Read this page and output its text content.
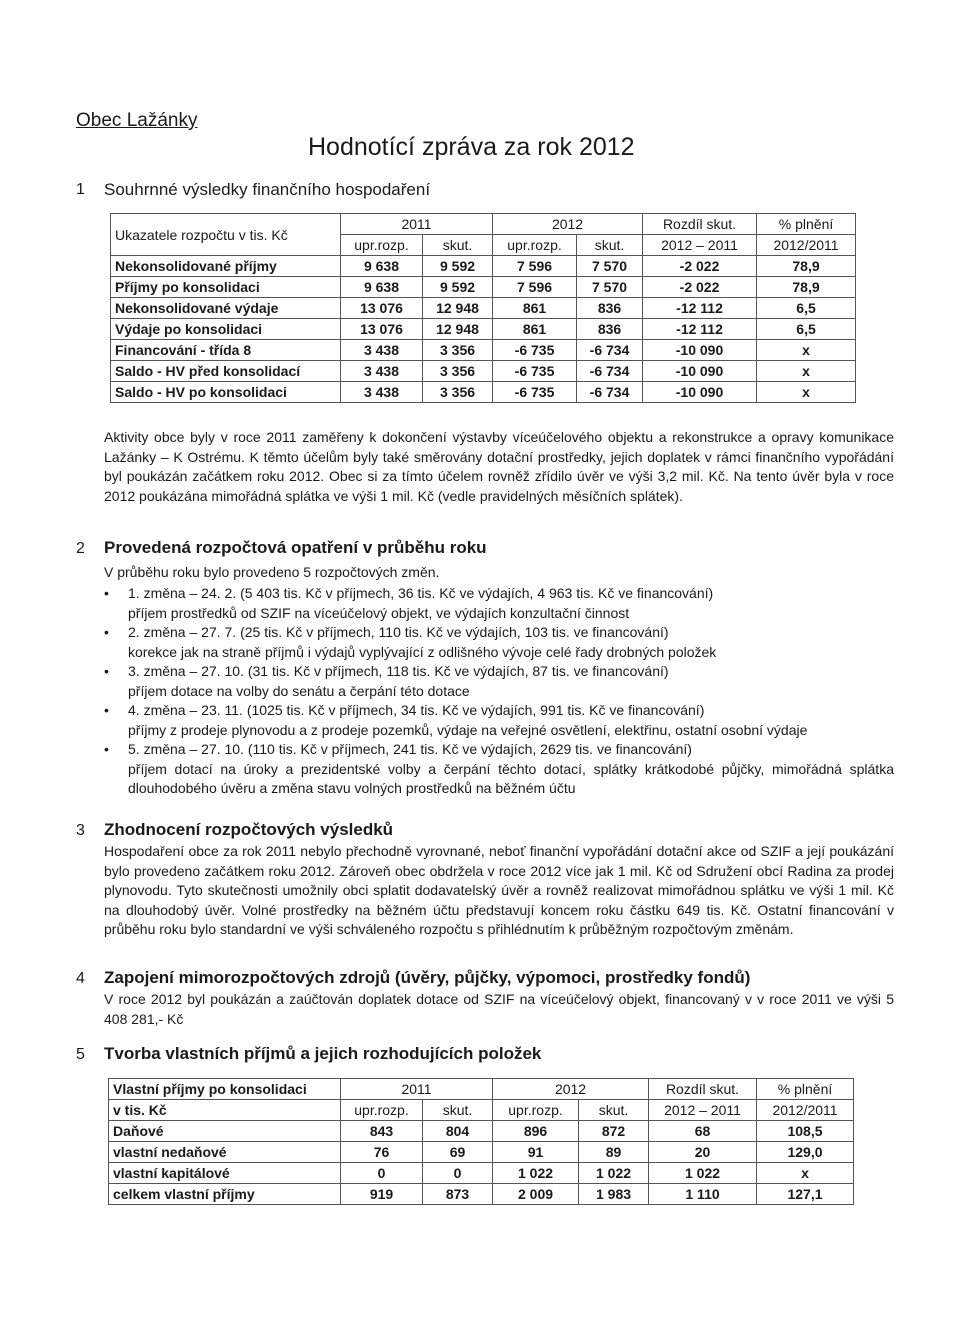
Obec Lažánky
Hodnotící zpráva za rok 2012
1 Souhrnné výsledky finančního hospodaření
Ukazatele rozpočtu v tis. Kč	2011		2012		Rozdíl skut.	% plnění
	upr.rozp.	skut.	upr.rozp.	skut.	2012 – 2011	2012/2011
Nekonsolidované příjmy	9 638	9 592	7 596	7 570	-2 022	78,9
Příjmy po konsolidaci	9 638	9 592	7 596	7 570	-2 022	78,9
Nekonsolidované výdaje	13 076	12 948	861	836	-12 112	6,5
Výdaje po konsolidaci	13 076	12 948	861	836	-12 112	6,5
Financování - třída 8	3 438	3 356	-6 735	-6 734	-10 090	x
Saldo - HV před konsolidací	3 438	3 356	-6 735	-6 734	-10 090	x
Saldo - HV po konsolidaci	3 438	3 356	-6 735	-6 734	-10 090	x
Aktivity obce byly v roce 2011 zaměřeny k dokončení výstavby víceúčelového objektu a rekonstrukce a opravy komunikace Lažánky – K Ostrému. K těmto účelům byly také směrovány dotační prostředky, jejich doplatek v rámci finančního vypořádání byl poukázán začátkem roku 2012. Obec si za tímto účelem rovněž zřídilo úvěr ve výši 3,2 mil. Kč. Na tento úvěr byla v roce 2012 poukázána mimořádná splátka ve výši 1 mil. Kč (vedle pravidelných měsíčních splátek).
2 Provedená rozpočtová opatření v průběhu roku
V průběhu roku bylo provedeno 5 rozpočtových změn.
• 1. změna – 24. 2. (5 403 tis. Kč v příjmech, 36 tis. Kč ve výdajích, 4 963 tis. Kč ve financování)
příjem prostředků od SZIF na víceúčelový objekt, ve výdajích konzultační činnost
• 2. změna – 27. 7. (25 tis. Kč v příjmech, 110 tis. Kč ve výdajích, 103 tis. ve financování)
korekce jak na straně příjmů i výdajů vyplývající z odlišného vývoje celé řady drobných položek
• 3. změna – 27. 10. (31 tis. Kč v příjmech, 118 tis. Kč ve výdajích, 87 tis. ve financování)
příjem dotace na volby do senátu a čerpání této dotace
• 4. změna – 23. 11. (1025 tis. Kč v příjmech, 34 tis. Kč ve výdajích, 991 tis. Kč ve financování)
příjmy z prodeje plynovodu a z prodeje pozemků, výdaje na veřejné osvětlení, elektřinu, ostatní osobní výdaje
• 5. změna – 27. 10. (110 tis. Kč v příjmech, 241 tis. Kč ve výdajích, 2629 tis. ve financování)
příjem dotací na úroky a prezidentské volby a čerpání těchto dotací, splátky krátkodobé půjčky, mimořádná splátka dlouhodobého úvěru a změna stavu volných prostředků na běžném účtu
3 Zhodnocení rozpočtových výsledků
Hospodaření obce za rok 2011 nebylo přechodně vyrovnané, neboť finanční vypořádání dotační akce od SZIF a její poukázání bylo provedeno začátkem roku 2012. Zároveň obec obdržela v roce 2012 více jak 1 mil. Kč od Sdružení obcí Radina za prodej plynovodu. Tyto skutečnosti umožnily obci splatit dodavatelský úvěr a rovněž realizovat mimořádnou splátku ve výši 1 mil. Kč na dlouhodobý úvěr. Volné prostředky na běžném účtu představují koncem roku částku 649 tis. Kč. Ostatní financování v průběhu roku bylo standardní ve výši schváleného rozpočtu s přihlédnutím k průběžným rozpočtovým změnám.
4 Zapojení mimorozpočtových zdrojů (úvěry, půjčky, výpomoci, prostředky fondů)
V roce 2012 byl poukázán a zaúčtován doplatek dotace od SZIF na víceúčelový objekt, financovaný v v roce 2011 ve výši 5 408 281,- Kč
5 Tvorba vlastních příjmů a jejich rozhodujících položek
Vlastní příjmy po konsolidaci	2011		2012		Rozdíl skut.	% plnění
v tis. Kč	upr.rozp.	skut.	upr.rozp.	skut.	2012 – 2011	2012/2011
Daňové	843	804	896	872	68	108,5
vlastní nedaňové	76	69	91	89	20	129,0
vlastní kapitálové	0	0	1 022	1 022	1 022	x
celkem vlastní příjmy	919	873	2 009	1 983	1 110	127,1
